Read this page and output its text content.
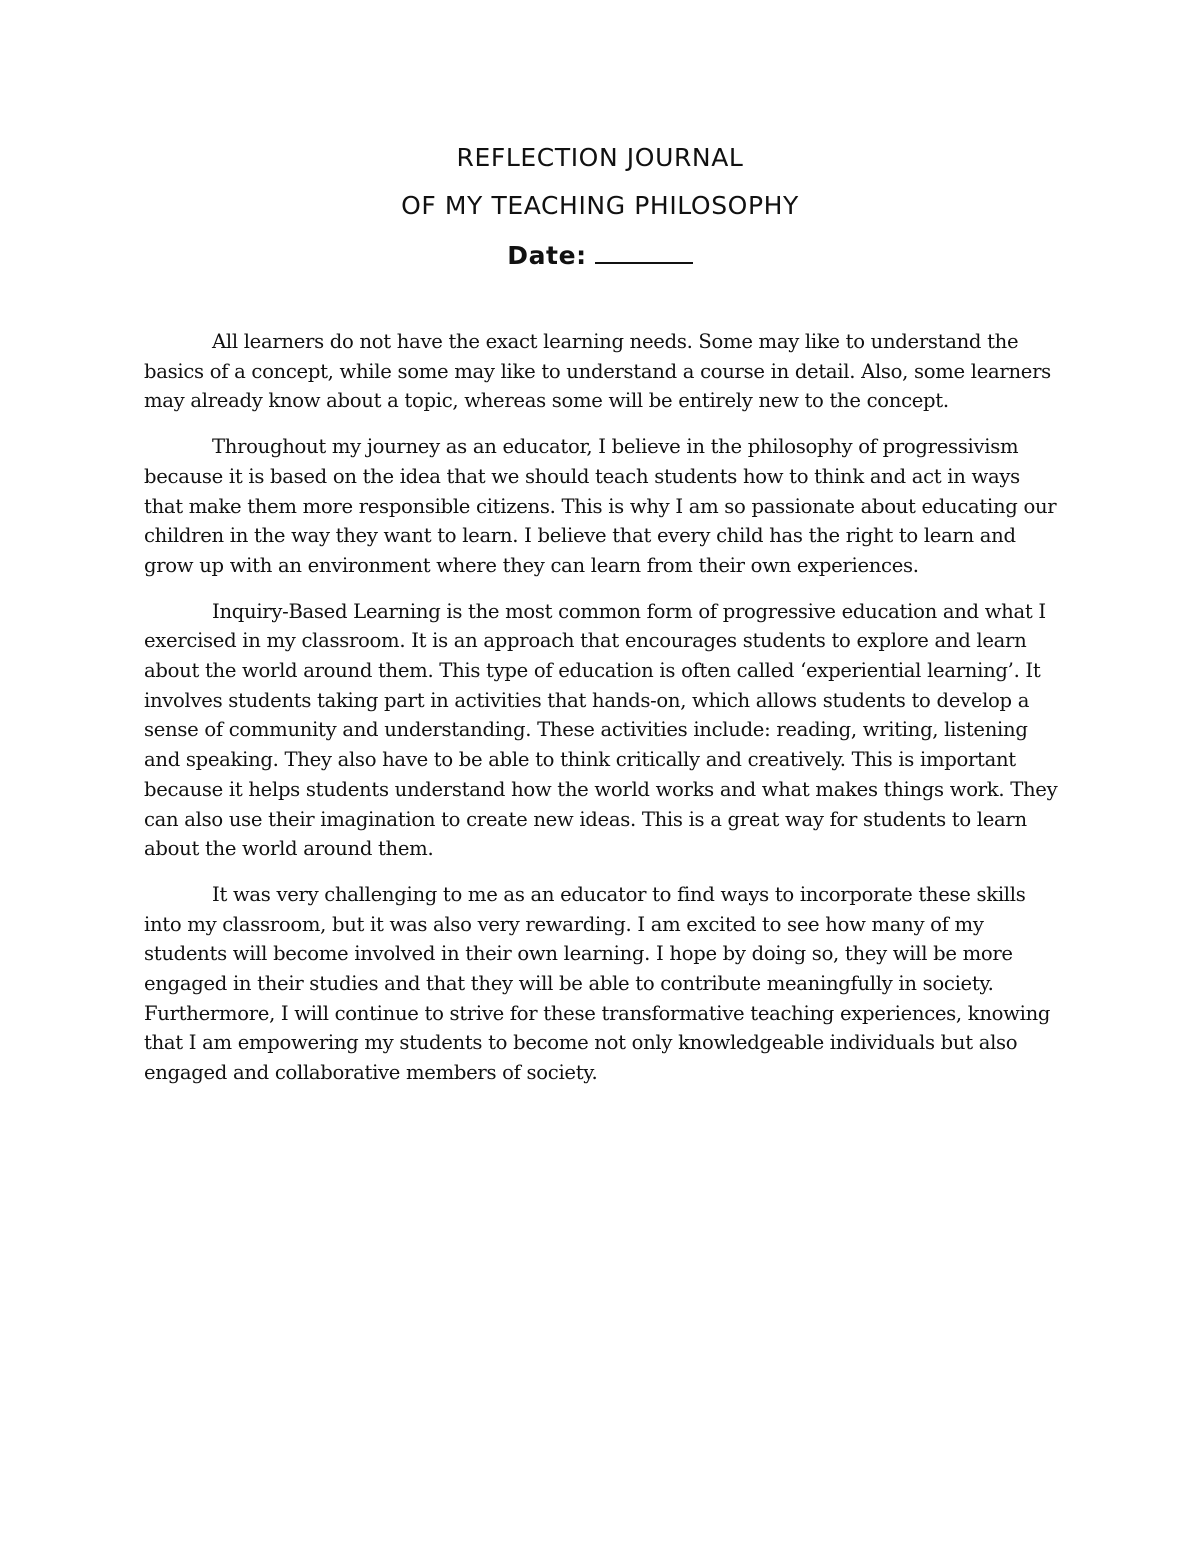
REFLECTION JOURNAL
OF MY TEACHING PHILOSOPHY
Date:

All learners do not have the exact learning needs. Some may like to understand the basics of a concept, while some may like to understand a course in detail. Also, some learners may already know about a topic, whereas some will be entirely new to the concept.

Throughout my journey as an educator, I believe in the philosophy of progressivism because it is based on the idea that we should teach students how to think and act in ways that make them more responsible citizens. This is why I am so passionate about educating our children in the way they want to learn. I believe that every child has the right to learn and grow up with an environment where they can learn from their own experiences.

Inquiry-Based Learning is the most common form of progressive education and what I exercised in my classroom. It is an approach that encourages students to explore and learn about the world around them. This type of education is often called ‘experiential learning’. It involves students taking part in activities that hands-on, which allows students to develop a sense of community and understanding. These activities include: reading, writing, listening and speaking. They also have to be able to think critically and creatively. This is important because it helps students understand how the world works and what makes things work. They can also use their imagination to create new ideas. This is a great way for students to learn about the world around them.

It was very challenging to me as an educator to find ways to incorporate these skills into my classroom, but it was also very rewarding. I am excited to see how many of my students will become involved in their own learning. I hope by doing so, they will be more engaged in their studies and that they will be able to contribute meaningfully in society. Furthermore, I will continue to strive for these transformative teaching experiences, knowing that I am empowering my students to become not only knowledgeable individuals but also engaged and collaborative members of society.
